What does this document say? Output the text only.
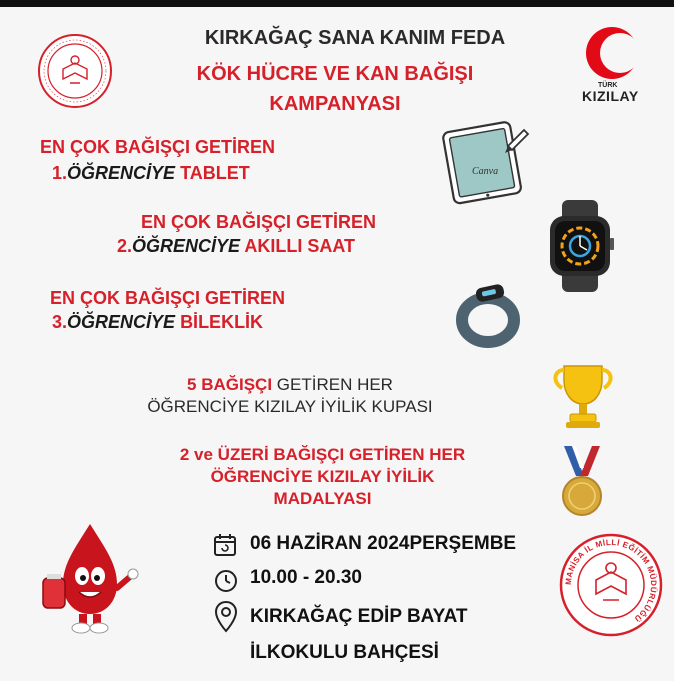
KIRKAĞAÇ SANA KANIM FEDA
KÖK HÜCRE VE KAN BAĞIŞI
KAMPANYASI
TÜRK
KIZILAY
EN ÇOK BAĞIŞÇI GETİREN
1.ÖĞRENCİYE TABLET	Canva
EN ÇOK BAĞIŞÇI GETİREN
2.ÖĞRENCİYE AKILLI SAAT
EN ÇOK BAĞIŞÇI GETİREN
3.ÖĞRENCİYE BİLEKLİK
5 BAĞIŞÇI GETİREN HER
ÖĞRENCİYE KIZILAY İYİLİK KUPASI
2 ve ÜZERİ BAĞIŞÇI GETİREN HER
ÖĞRENCİYE KIZILAY İYİLİK
MADALYASI
06 HAZİRAN 2024PERŞEMBE
10.00 - 20.30
KIRKAĞAÇ EDİP BAYAT
İLKOKULU BAHÇESİ
MANİSA İL MİLLİ EĞİTİM MÜDÜRLÜĞÜ
